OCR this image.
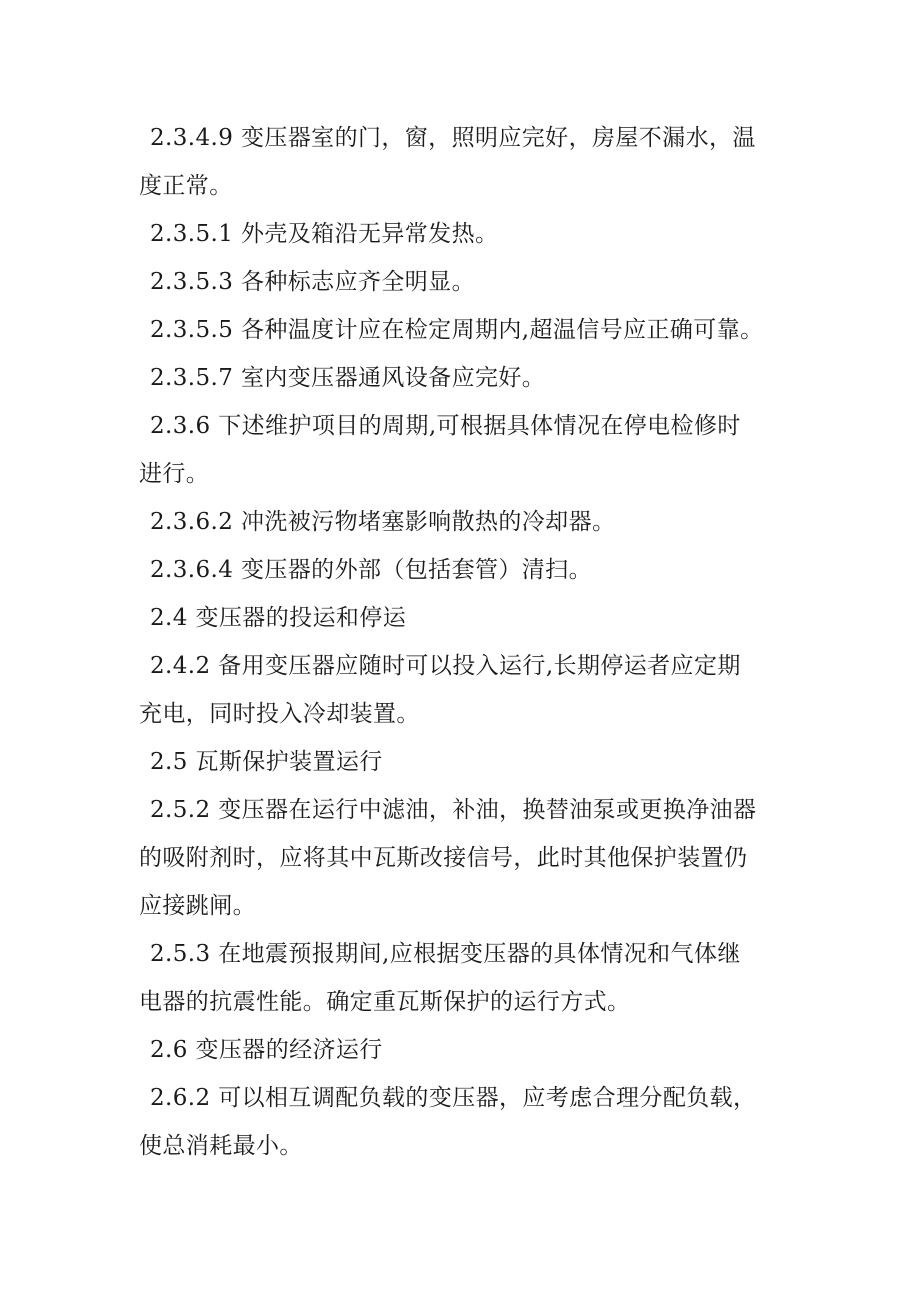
2.3.4.9 变压器室的门，窗，照明应完好，房屋不漏水，温
度正常。

2.3.5.1 外壳及箱沿无异常发热。

2.3.5.3 各种标志应齐全明显。

2.3.5.5 各种温度计应在检定周期内,超温信号应正确可靠。

2.3.5.7 室内变压器通风设备应完好。

2.3.6 下述维护项目的周期,可根据具体情况在停电检修时
进行。

2.3.6.2 冲洗被污物堵塞影响散热的冷却器。

2.3.6.4 变压器的外部（包括套管）清扫。

2.4 变压器的投运和停运

2.4.2 备用变压器应随时可以投入运行,长期停运者应定期
充电，同时投入冷却装置。

2.5 瓦斯保护装置运行

2.5.2 变压器在运行中滤油，补油，换替油泵或更换净油器
的吸附剂时，应将其中瓦斯改接信号，此时其他保护装置仍
应接跳闸。

2.5.3 在地震预报期间,应根据变压器的具体情况和气体继
电器的抗震性能。确定重瓦斯保护的运行方式。

2.6 变压器的经济运行

2.6.2 可以相互调配负载的变压器，应考虑合理分配负载，
使总消耗最小。
